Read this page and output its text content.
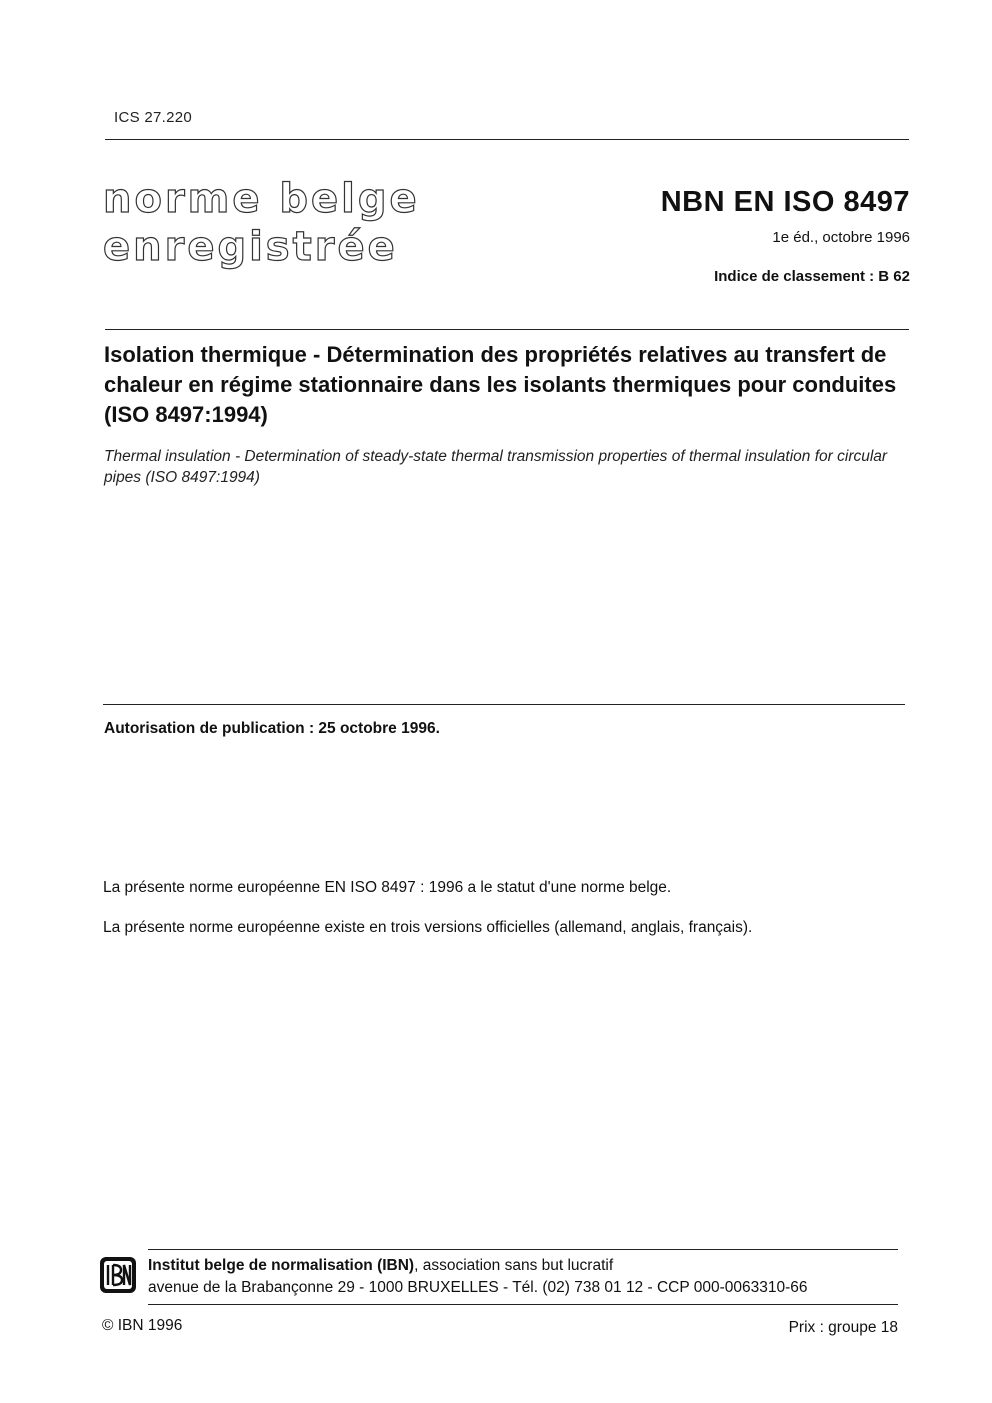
ICS 27.220
norme belge
enregistrée
NBN EN ISO 8497
1e éd., octobre 1996
Indice de classement : B 62
Isolation thermique - Détermination des propriétés relatives au transfert de chaleur en régime stationnaire dans les isolants thermiques pour conduites (ISO 8497:1994)
Thermal insulation - Determination of steady-state thermal transmission properties of thermal insulation for circular pipes (ISO 8497:1994)
Autorisation de publication : 25 octobre 1996.
La présente norme européenne EN ISO 8497 : 1996 a le statut d'une norme belge.
La présente norme européenne existe en trois versions officielles (allemand, anglais, français).
Institut belge de normalisation (IBN), association sans but lucratif
avenue de la Brabançonne 29 - 1000 BRUXELLES - Tél. (02) 738 01 12 - CCP 000-0063310-66
© IBN 1996	Prix : groupe 18
